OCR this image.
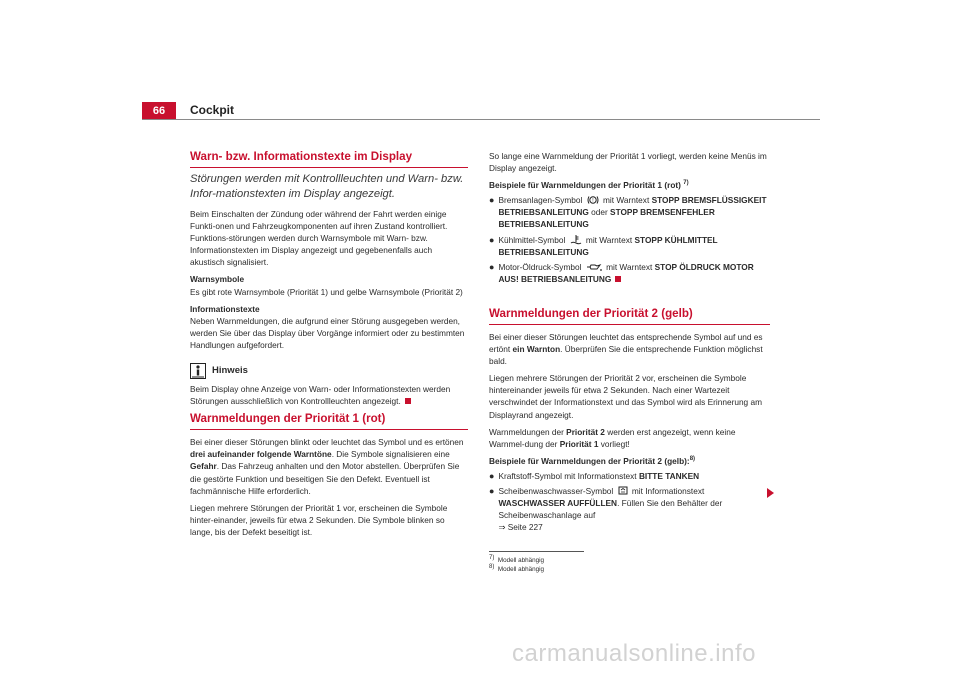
66	Cockpit
Warn- bzw. Informationstexte im Display
Störungen werden mit Kontrollleuchten und Warn- bzw. Infor-mationstexten im Display angezeigt.

Beim Einschalten der Zündung oder während der Fahrt werden einige Funkti-onen und Fahrzeugkomponenten auf ihren Zustand kontrolliert. Funktions-störungen werden durch Warnsymbole mit Warn- bzw. Informationstexten im Display angezeigt und gegebenenfalls auch akustisch signalisiert.

Warnsymbole

Es gibt rote Warnsymbole (Priorität 1) und gelbe Warnsymbole (Priorität 2)

Informationstexte

Neben Warnmeldungen, die aufgrund einer Störung ausgegeben werden, werden Sie über das Display über Vorgänge informiert oder zu bestimmten Handlungen aufgefordert.

Hinweis

Beim Display ohne Anzeige von Warn- oder Informationstexten werden Störungen ausschließlich von Kontrollleuchten angezeigt.

Warnmeldungen der Priorität 1 (rot)

Bei einer dieser Störungen blinkt oder leuchtet das Symbol und es ertönen drei aufeinander folgende Warntöne. Die Symbole signalisieren eine Gefahr. Das Fahrzeug anhalten und den Motor abstellen. Überprüfen Sie die gestörte Funktion und beseitigen Sie den Defekt. Eventuell ist fachmännische Hilfe erforderlich.

Liegen mehrere Störungen der Priorität 1 vor, erscheinen die Symbole hinter-einander, jeweils für etwa 2 Sekunden. Die Symbole blinken so lange, bis der Defekt beseitigt ist.

So lange eine Warnmeldung der Priorität 1 vorliegt, werden keine Menüs im Display angezeigt.

Beispiele für Warnmeldungen der Priorität 1 (rot) $^{7)}$
● Bremsanlagen-Symbol ! mit Warntext STOPP BREMSFLÜSSIGKEIT BETRIEBSANLEITUNG oder STOPP BREMSENFEHLER BETRIEBSANLEITUNG
● Kühlmittel-Symbol mit Warntext STOPP KÜHLMITTEL BETRIEBSANLEITUNG
● Motor-Öldruck-Symbol	mit Warntext STOP ÖLDRUCK MOTOR AUS! BETRIEBSANLEITUNG
Warnmeldungen der Priorität 2 (gelb)

Bei einer dieser Störungen leuchtet das entsprechende Symbol auf und es ertönt ein Warnton. Überprüfen Sie die entsprechende Funktion möglichst bald.

Liegen mehrere Störungen der Priorität 2 vor, erscheinen die Symbole hintereinander jeweils für etwa 2 Sekunden. Nach einer Wartezeit verschwindet der Informationstext und das Symbol wird als Erinnerung am Displayrand angezeigt.

Warnmeldungen der Priorität 2 werden erst angezeigt, wenn keine Warnmel-dung der Priorität 1 vorliegt!

Beispiele für Warnmeldungen der Priorität 2 (gelb):$^{8)}$
● Kraftstoff-Symbol mit Informationstext BITTE TANKEN
● Scheibenwaschwasser-Symbol mit Informationstext WASCHWASSER AUFFÜLLEN. Füllen Sie den Behälter der Scheibenwaschanlage auf
⇒ Seite 227
$^{7)}$ Modell abhängig
$^{8)}$ Modell abhängig
carmanualsonline.info
